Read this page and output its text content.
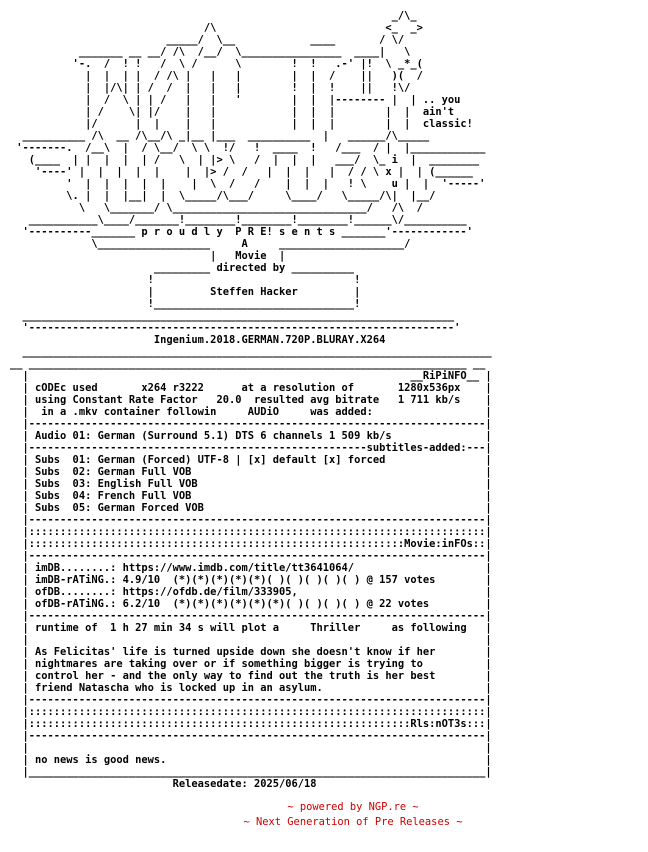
_/\_
/\                           <_  _>
_____/  \__            ____       / \/
_______ __ __/ /\  /__/  \________________  ____|   \
'-.  /  ! !   /  \ /      \        !  !   .-' |!  \ _*_(
|  |  | |  / /\ |   |   |        |  |  /    ||   )(  /
|  |/\| | /  /  |   |   |        !  |  !    ||   !\/
|  /  \ | | /   |   |   '        |  |  |-------- |  | .. you
| /    \| |/    |   |            |  |  |        |  |  ain't
|/      |  |    |   |            |  |  |        |  |  classic!
__________ /\  __ /\__/\ _|__ |___  __________  |   ______/\_____
'-------.  /__\  |  / \__/  \ \  !/   !  ____  !   /___  / |  |____________
(____  | |  |  |  | /   \  | |> \   /  |  |  |   ___/  \_ i  |  ________
'----' |  |  |  |  |    |  |> /  /   |  |  |   |  / / \ x |  | (______
'  |  |  |  |  |    |  \  /   /    |  |  |   ! \    u |  |  '-----'
\. |  |  |__|  |  \_____/\___/     \____/   \_____/\|  |__/
\   \_______/ \_______________________________/   /\  /
___________\____/_______!________!________!________!______\/__________
'----------_______ p r o u d l y  P R E! s e n t s _______'------------'
\__________________     A     ____________________/
|   Movie  |
_________ directed by __________
!                                !
|         Steffen Hacker         |
!________________________________!
_____________________________________________________________________
'--------------------------------------------------------------------'
Ingenium.2018.GERMAN.720P.BLURAY.X264
___________________________________________________________________________
__ ______________________________________________________________________ __
|                                                             __RiPiNFO__ |
| cODEc used       x264 r3222      at a resolution of       1280x536px    |
| using Constant Rate Factor   20.0  resulted avg bitrate   1 711 kb/s    |
|  in a .mkv container followin     AUDiO     was added:                  |
|-------------------------------------------------------------------------|
| Audio 01: German (Surround 5.1) DTS 6 channels 1 509 kb/s               |
|------------------------------------------------------subtitles-added:---|
| Subs  01: German (Forced) UTF-8 | [x] default [x] forced                |
| Subs  02: German Full VOB                                               |
| Subs  03: English Full VOB                                              |
| Subs  04: French Full VOB                                               |
| Subs  05: German Forced VOB                                             |
|-------------------------------------------------------------------------|
|:::::::::::::::::::::::::::::::::::::::::::::::::::::::::::::::::::::::::|
|::::::::::::::::::::::::::::::::::::::::::::::::::::::::::::Movie:inFOs::|
|-------------------------------------------------------------------------|
| imDB........: https://www.imdb.com/title/tt3641064/                     |
| imDB-rATiNG.: 4.9/10  (*)(*)(*)(*)(*)( )( )( )( )( ) @ 157 votes        |
| ofDB........: https://ofdb.de/film/333905,                              |
| ofDB-rATiNG.: 6.2/10  (*)(*)(*)(*)(*)(*)( )( )( )( ) @ 22 votes         |
|-------------------------------------------------------------------------|
| runtime of  1 h 27 min 34 s will plot a     Thriller     as following   |
|                                                                         |
| As Felicitas' life is turned upside down she doesn't know if her        |
| nightmares are taking over or if something bigger is trying to          |
| control her - and the only way to find out the truth is her best        |
| friend Natascha who is locked up in an asylum.                          |
|-------------------------------------------------------------------------|
|:::::::::::::::::::::::::::::::::::::::::::::::::::::::::::::::::::::::::|
|:::::::::::::::::::::::::::::::::::::::::::::::::::::::::::::Rls:nOT3s:::|
|-------------------------------------------------------------------------|
|                                                                         |
| no news is good news.                                                   |
|_________________________________________________________________________|
Releasedate: 2025/06/18
~ powered by NGP.re ~
~ Next Generation of Pre Releases ~
